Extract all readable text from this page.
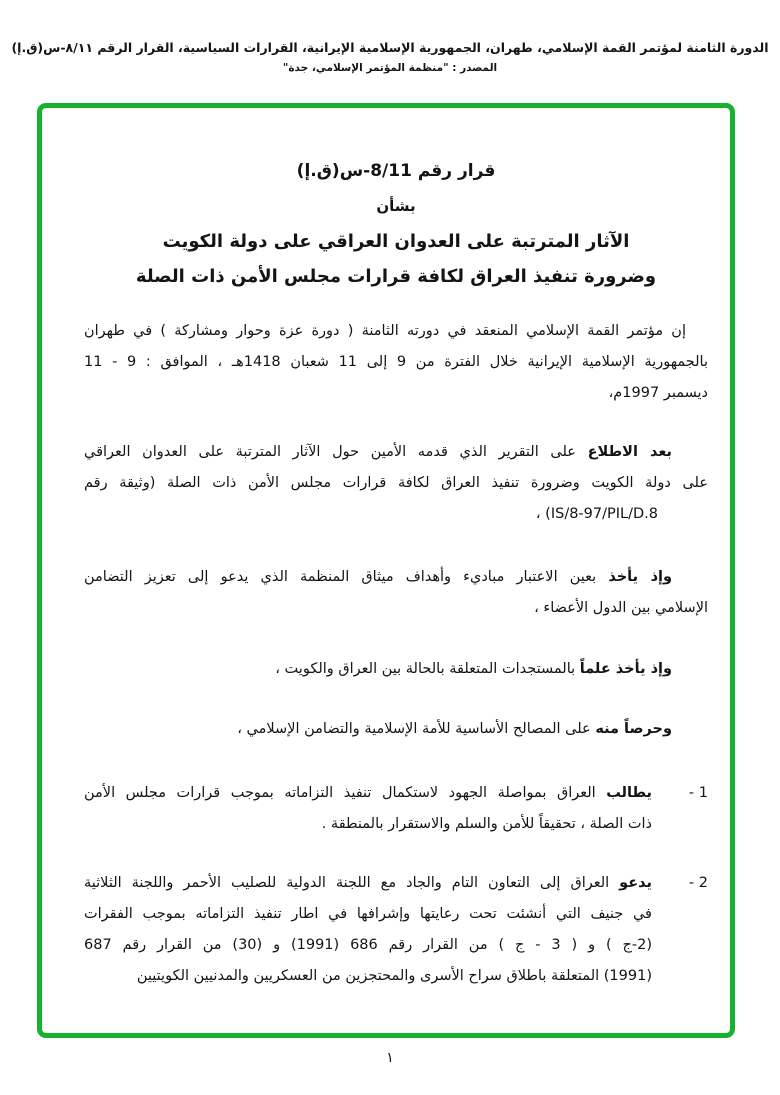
الدورة الثامنة لمؤتمر القمة الإسلامي، طهران، الجمهورية الإسلامية الإيرانية، القرارات السياسية، القرار الرقم ٨/١١-س(ق.إ)
المصدر : "منظمة المؤتمر الإسلامي، جدة"
قرار رقم 8/11-س(ق.إ)
بشأن
الآثار المترتبة على العدوان العراقي على دولة الكويت
وضرورة تنفيذ العراق لكافة قرارات مجلس الأمن ذات الصلة
إن مؤتمر القمة الإسلامي المنعقد في دورته الثامنة ( دورة عزة وحوار ومشاركة ) في طهران
بالجمهورية الإسلامية الإيرانية خلال الفترة من 9 إلى 11 شعبان 1418هـ ، الموافق : 9 - 11
ديسمبر 1997م،
بعد الاطلاع على التقرير الذي قدمه الأمين حول الآثار المترتبة على العدوان العراقي
على دولة الكويت وضرورة تنفيذ العراق لكافة قرارات مجلس الأمن ذات الصلة (وثيقة رقم
IS/8-97/PIL/D.8) ،
وإذ يأخذ بعين الاعتبار مباديء وأهداف ميثاق المنظمة الذي يدعو إلى تعزيز التضامن
الإسلامي بين الدول الأعضاء ،
وإذ يأخذ علماً بالمستجدات المتعلقة بالحالة بين العراق والكويت ،
وحرصاً منه على المصالح الأساسية للأمة الإسلامية والتضامن الإسلامي ،
1 -
يطالب العراق بمواصلة الجهود لاستكمال تنفيذ التزاماته بموجب قرارات مجلس الأمن
ذات الصلة ، تحقيقاً للأمن والسلم والاستقرار بالمنطقة .
2 -
يدعو العراق إلى التعاون التام والجاد مع اللجنة الدولية للصليب الأحمر واللجنة الثلاثية
في جنيف التي أنشئت تحت رعايتها وإشرافها في اطار تنفيذ التزاماته بموجب الفقرات
(2-ج ) و ( 3 - ج ) من القرار رقم 686 (1991) و (30) من القرار رقم 687
(1991) المتعلقة باطلاق سراح الأسرى والمحتجزين من العسكريين والمدنيين الكويتيين
١
